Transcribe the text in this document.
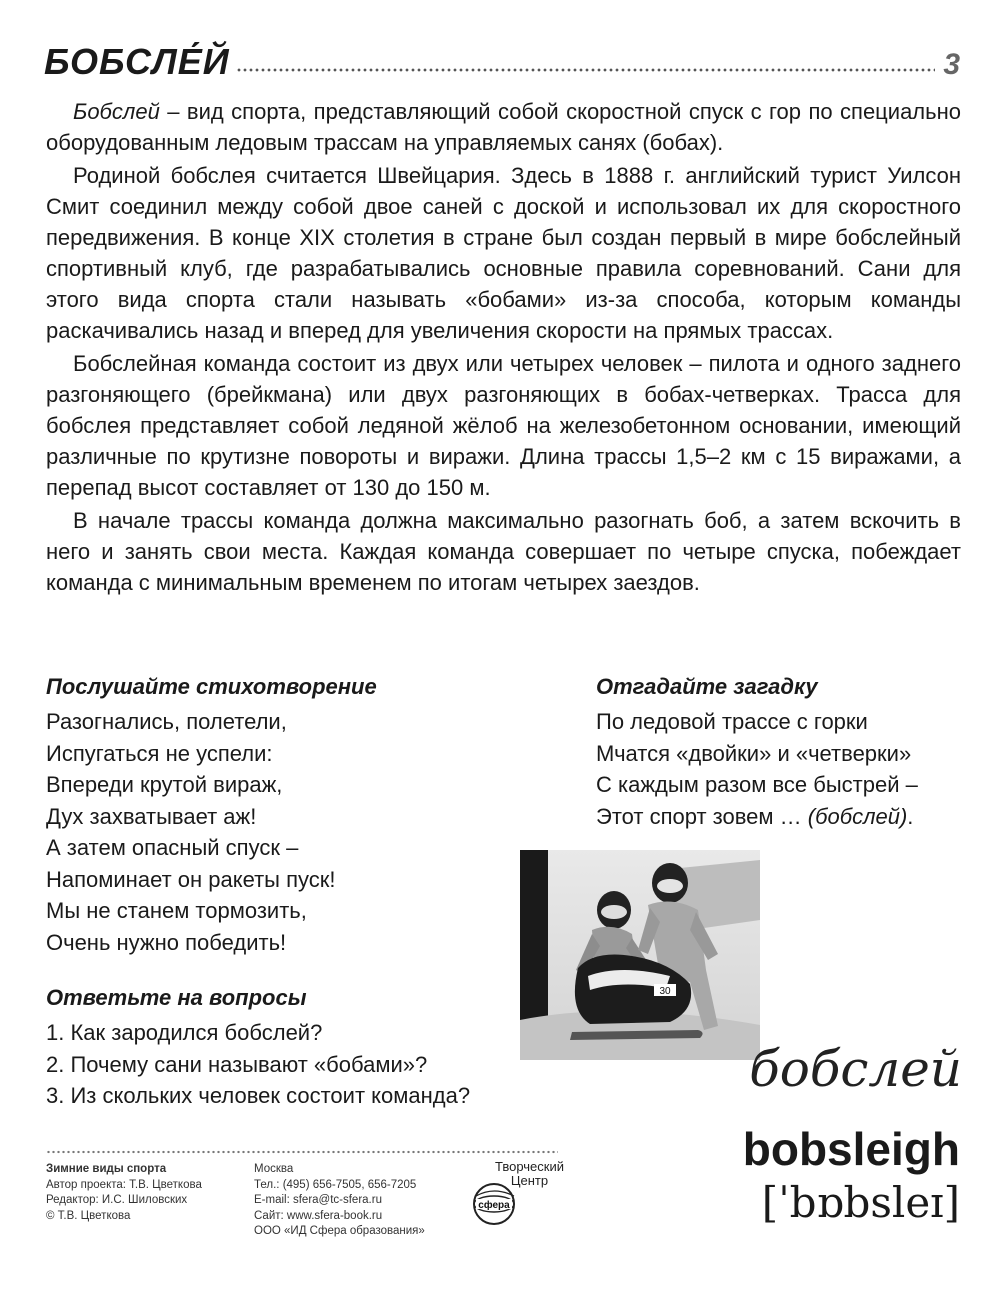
БОБСЛЕ́Й	3

Бобслей – вид спорта, представляющий собой скоростной спуск с гор по специально оборудованным ледовым трассам на управляемых санях (бобах).

Родиной бобслея считается Швейцария. Здесь в 1888 г. английский турист Уилсон Смит соединил между собой двое саней с доской и использовал их для скоростного передвижения. В конце XIX столетия в стране был создан первый в мире бобслейный спортивный клуб, где разрабатывались основные правила соревнований. Сани для этого вида спорта стали называть «бобами» из-за способа, которым команды раскачивались назад и вперед для увеличения скорости на прямых трассах.

Бобслейная команда состоит из двух или четырех человек – пилота и одного заднего разгоняющего (брейкмана) или двух разгоняющих в бобах-четверках. Трасса для бобслея представляет собой ледяной жёлоб на железобетонном основании, имеющий различные по крутизне повороты и виражи. Длина трассы 1,5–2 км с 15 виражами, а перепад высот составляет от 130 до 150 м.

В начале трассы команда должна максимально разогнать боб, а затем вскочить в него и занять свои места. Каждая команда совершает по четыре спуска, побеждает команда с минимальным временем по итогам четырех заездов.

Послушайте стихотворение
Разогнались, полетели,
Испугаться не успели:
Впереди крутой вираж,
Дух захватывает аж!
А затем опасный спуск –
Напоминает он ракеты пуск!
Мы не станем тормозить,
Очень нужно победить!
Отгадайте загадку
По ледовой трассе с горки
Мчатся «двойки» и «четверки»
С каждым разом все быстрей –
Этот спорт зовем … (бобслей).
30
Ответьте на вопросы
1. Как зародился бобслей?
2. Почему сани называют «бобами»?
3. Из скольких человек состоит команда?	бобслей
bobsleigh
[ˈbɒbsleɪ]
Зимние виды спорта
Автор проекта: Т.В. Цветкова
Редактор: И.С. Шиловских
© Т.В. Цветкова
Москва
Тел.: (495) 656-7505, 656-7205
E-mail: sfera@tc-sfera.ru
Сайт: www.sfera-book.ru
ООО «ИД Сфера образования»
Творческий
Центр
сфера
